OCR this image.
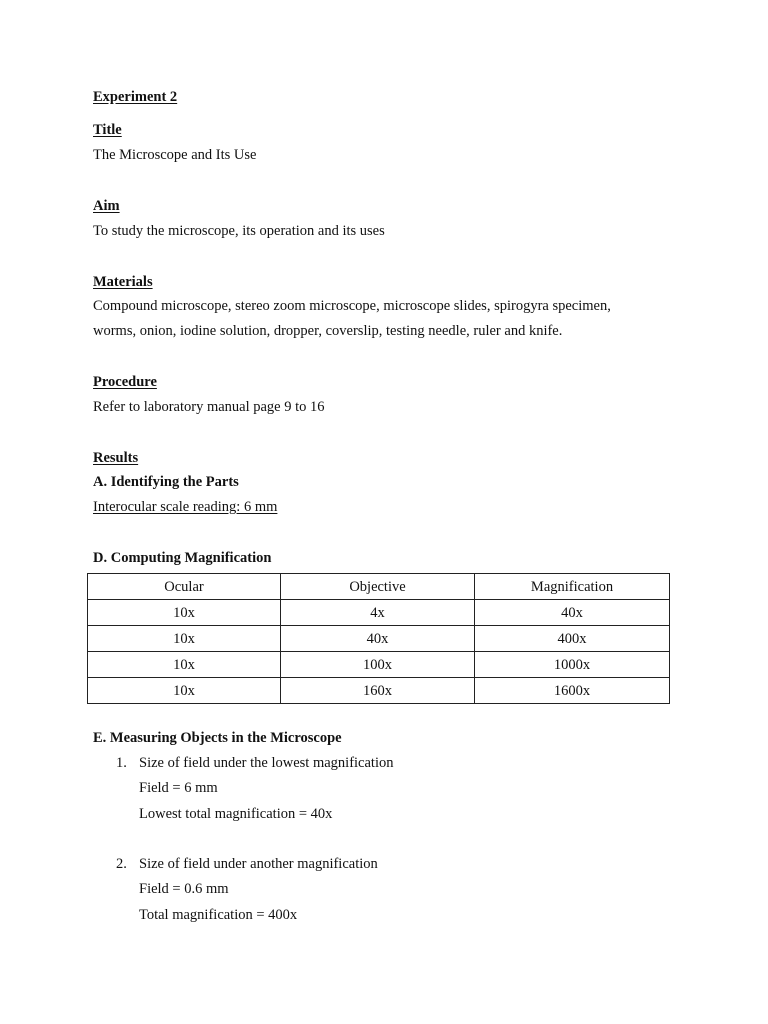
Experiment 2
Title
The Microscope and Its Use
Aim
To study the microscope, its operation and its uses
Materials
Compound microscope, stereo zoom microscope, microscope slides, spirogyra specimen,
worms, onion, iodine solution, dropper, coverslip, testing needle, ruler and knife.
Procedure
Refer to laboratory manual page 9 to 16
Results
A. Identifying the Parts
Interocular scale reading: 6 mm
D. Computing Magnification
Ocular	Objective	Magnification
10x	4x	40x
10x	40x	400x
10x	100x	1000x
10x	160x	1600x
E. Measuring Objects in the Microscope
1. Size of field under the lowest magnification
Field = 6 mm
Lowest total magnification = 40x
2. Size of field under another magnification
Field = 0.6 mm
Total magnification = 400x
